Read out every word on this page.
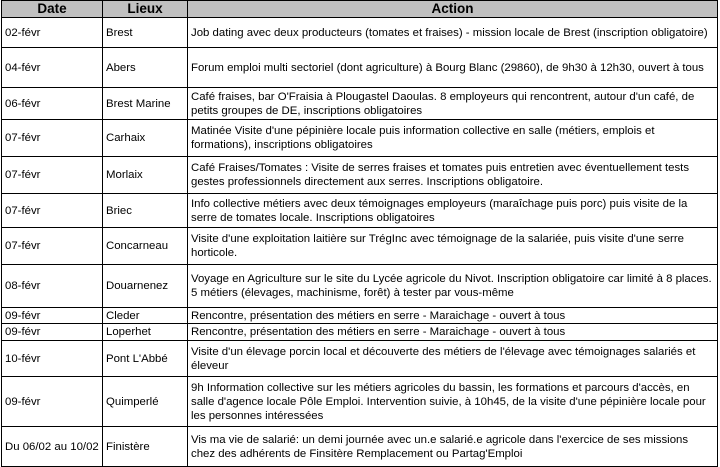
Date	Lieux	Action
02-févr	Brest	Job dating avec deux producteurs (tomates et fraises) - mission locale de Brest (inscription obligatoire)
04-févr	Abers	Forum emploi multi sectoriel (dont agriculture) à Bourg Blanc (29860), de 9h30 à 12h30, ouvert à tous
06-févr	Brest Marine	Café fraises, bar O'Fraisia à Plougastel Daoulas. 8 employeurs qui rencontrent, autour d'un café, de petits groupes de DE, inscriptions obligatoires
07-févr	Carhaix	Matinée Visite d'une pépinière locale puis information collective en salle (métiers, emplois et formations), inscriptions obligatoires
07-févr	Morlaix	Café Fraises/Tomates : Visite de serres fraises et tomates puis entretien avec éventuellement tests gestes professionnels directement aux serres. Inscriptions obligatoire.
07-févr	Briec	Info collective métiers avec deux témoignages employeurs (maraîchage puis porc) puis visite de la serre de tomates locale. Inscriptions obligatoires
07-févr	Concarneau	Visite d'une exploitation laitière sur TrégInc avec témoignage de la salariée, puis visite d'une serre horticole.
08-févr	Douarnenez	Voyage en Agriculture sur le site du Lycée agricole du Nivot. Inscription obligatoire car limité à 8 places. 5 métiers (élevages, machinisme, forêt) à tester par vous-même
09-févr	Cleder	Rencontre, présentation des métiers en serre - Maraichage - ouvert à tous
09-févr	Loperhet	Rencontre, présentation des métiers en serre - Maraichage - ouvert à tous
10-févr	Pont L'Abbé	Visite d'un élevage porcin local et découverte des métiers de l'élevage avec témoignages salariés et éleveur
09-févr	Quimperlé	9h Information collective sur les métiers agricoles du bassin, les formations et parcours d'accès, en salle d'agence locale Pôle Emploi. Intervention suivie, à 10h45, de la visite d'une pépinière locale pour les personnes intéressées
Du 06/02 au 10/02	Finistère	Vis ma vie de salarié: un demi journée avec un.e salarié.e agricole dans l'exercice de ses missions chez des adhérents de Finsitère Remplacement ou Partag'Emploi
